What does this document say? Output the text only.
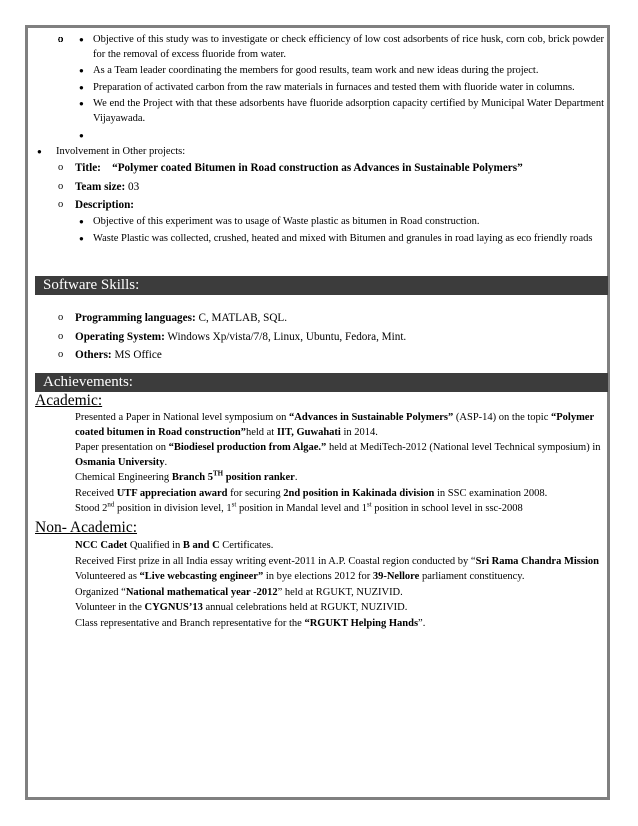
● Objective of this study was to investigate or check efficiency of low cost adsorbents of rice husk, corn cob, brick powder for the removal of excess fluoride from water.
● As a Team leader coordinating the members for good results, team work and new ideas during the project.
● Preparation of activated carbon from the raw materials in furnaces and tested them with fluoride water in columns.
● We end the Project with that these adsorbents have fluoride adsorption capacity certified by Municipal Water Department Vijayawada.
●
● Involvement in Other projects:
o Title: “Polymer coated Bitumen in Road construction as Advances in Sustainable Polymers”
o Team size: 03
o Description:
● Objective of this experiment was to usage of Waste plastic as bitumen in Road construction.
● Waste Plastic was collected, crushed, heated and mixed with Bitumen and granules in road laying as eco friendly roads
Software Skills:
o Programming languages: C, MATLAB, SQL.
o Operating System: Windows Xp/vista/7/8, Linux, Ubuntu, Fedora, Mint.
o Others: MS Office
Achievements:
Academic:
o Presented a Paper in National level symposium on “Advances in Sustainable Polymers” (ASP-14) on the topic “Polymer coated bitumen in Road construction”held at IIT, Guwahati in 2014.
o Paper presentation on “Biodiesel production from Algae.” held at MediTech-2012 (National level Technical symposium) in Osmania University.
o Chemical Engineering Branch 5TH position ranker.
o Received UTF appreciation award for securing 2nd position in Kakinada division in SSC examination 2008.
o Stood 2nd position in division level, 1st position in Mandal level and 1st position in school level in ssc-2008
Non- Academic:
o NCC Cadet Qualified in B and C Certificates.
o Received First prize in all India essay writing event-2011 in A.P. Coastal region conducted by “Sri Rama Chandra Mission
o Volunteered as “Live webcasting engineer” in bye elections 2012 for 39-Nellore parliament constituency.
o Organized “National mathematical year -2012” held at RGUKT, NUZIVID.
o Volunteer in the CYGNUS’13 annual celebrations held at RGUKT, NUZIVID.
o Class representative and Branch representative for the “RGUKT Helping Hands”.
